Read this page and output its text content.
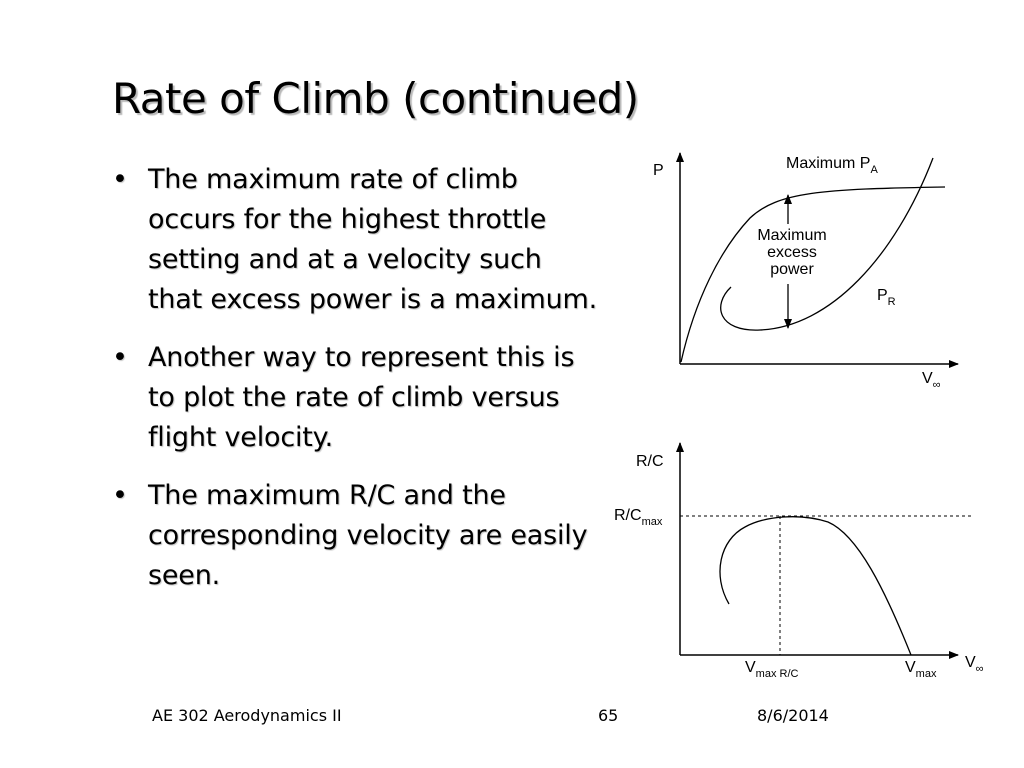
Rate of Climb (continued)
• The maximum rate of climb occurs for the highest throttle setting and at a velocity such that excess power is a maximum.
• Another way to represent this is to plot the rate of climb versus flight velocity.
• The maximum R/C and the corresponding velocity are easily seen.
P	Maximum $P_A$
Maximum
excess
power
$P_R$
$V_\infty$
R/C
$R/C_{max}$
$V_{max R/C}$	$V_{max}$
$V_\infty$
AE 302 Aerodynamics II	65	8/6/2014
